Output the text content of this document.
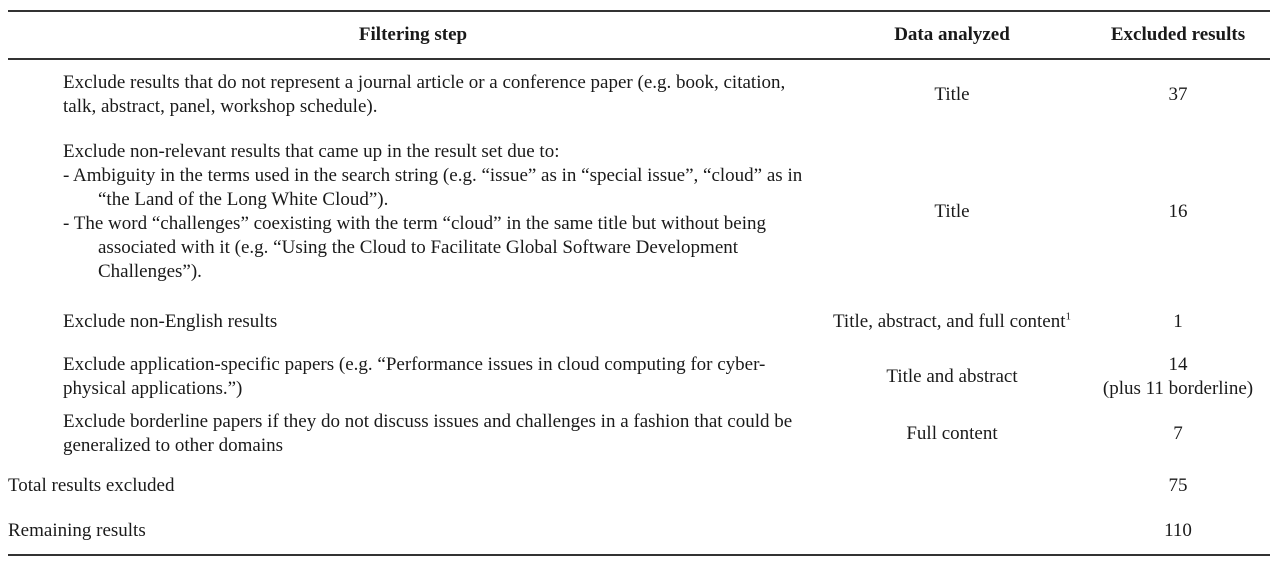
Filtering step	Data analyzed	Excluded results
Exclude results that do not represent a journal article or a conference paper (e.g. book, citation, talk, abstract, panel, workshop schedule).	Title	37

Exclude non-relevant results that came up in the result set due to:
- Ambiguity in the terms used in the search string (e.g. “issue” as in “special issue”, “cloud” as in “the Land of the Long White Cloud”).
- The word “challenges” coexisting with the term “cloud” in the same title but without being associated with it (e.g. “Using the Cloud to Facilitate Global Software Development Challenges”).	Title	16
Exclude non-English results	Title, abstract, and full content$^1$	1
Exclude application-specific papers (e.g. “Performance issues in cloud computing for cyber-physical applications.”)	Title and abstract	14
(plus 11 borderline)

Exclude borderline papers if they do not discuss issues and challenges in a fashion that could be generalized to other domains	Full content	7
Total results excluded		75
Remaining results		110
